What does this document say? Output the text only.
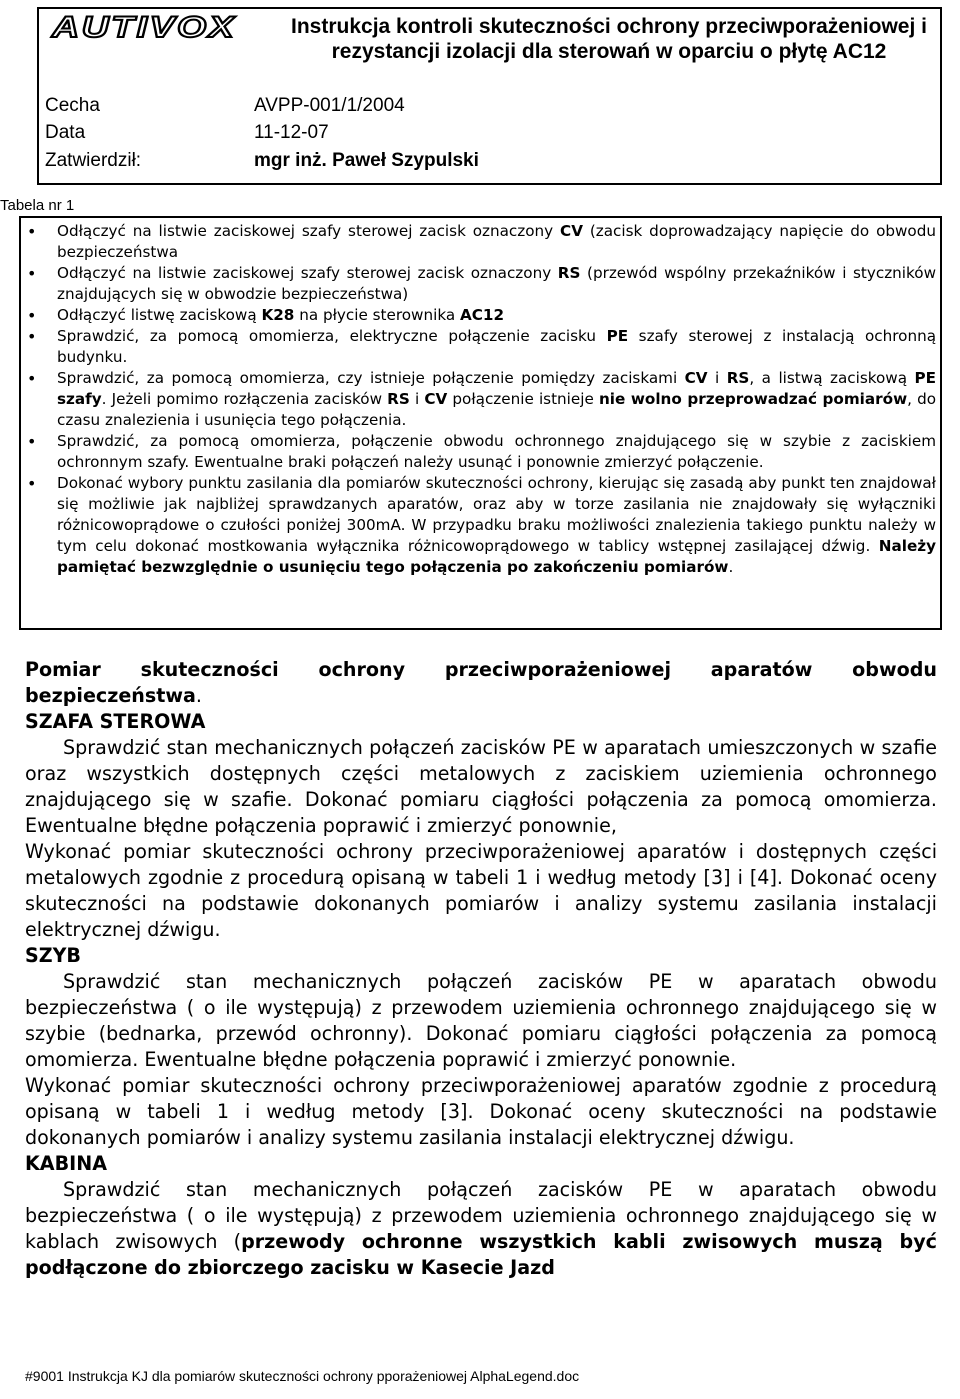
AUTIVOX	Instrukcja kontroli skuteczności ochrony przeciwporażeniowej i rezystancji izolacji dla sterowań w oparciu o płytę AC12
Cecha	AVPP-001/1/2004
Data	11-12-07
Zatwierdził:	mgr inż. Paweł Szypulski
Tabela nr 1
• Odłączyć na listwie zaciskowej szafy sterowej zacisk oznaczony CV (zacisk doprowadzający napięcie do obwodu bezpieczeństwa
• Odłączyć na listwie zaciskowej szafy sterowej zacisk oznaczony RS (przewód wspólny przekaźników i styczników znajdujących się w obwodzie bezpieczeństwa)
• Odłączyć listwę zaciskową K28 na płycie sterownika AC12
• Sprawdzić, za pomocą omomierza, elektryczne połączenie zacisku PE szafy sterowej z instalacją ochronną budynku.
• Sprawdzić, za pomocą omomierza, czy istnieje połączenie pomiędzy zaciskami CV i RS, a listwą zaciskową PE szafy. Jeżeli pomimo rozłączenia zacisków RS i CV połączenie istnieje nie wolno przeprowadzać pomiarów, do czasu znalezienia i usunięcia tego połączenia.
• Sprawdzić, za pomocą omomierza, połączenie obwodu ochronnego znajdującego się w szybie z zaciskiem ochronnym szafy. Ewentualne braki połączeń należy usunąć i ponownie zmierzyć połączenie.
• Dokonać wybory punktu zasilania dla pomiarów skuteczności ochrony, kierując się zasadą aby punkt ten znajdował się możliwie jak najbliżej sprawdzanych aparatów, oraz aby w torze zasilania nie znajdowały się wyłączniki różnicowoprądowe o czułości poniżej 300mA. W przypadku braku możliwości znalezienia takiego punktu należy w tym celu dokonać mostkowania wyłącznika różnicowoprądowego w tablicy wstępnej zasilającej dźwig. Należy pamiętać bezwzględnie o usunięciu tego połączenia po zakończeniu pomiarów.

Pomiar skuteczności ochrony przeciwporażeniowej aparatów obwodu bezpieczeństwa.

SZAFA STEROWA

Sprawdzić stan mechanicznych połączeń zacisków PE w aparatach umieszczonych w szafie oraz wszystkich dostępnych części metalowych z zaciskiem uziemienia ochronnego znajdującego się w szafie. Dokonać pomiaru ciągłości połączenia za pomocą omomierza. Ewentualne błędne połączenia poprawić i zmierzyć ponownie,

Wykonać pomiar skuteczności ochrony przeciwporażeniowej aparatów i dostępnych części metalowych zgodnie z procedurą opisaną w tabeli 1 i według metody [3] i [4]. Dokonać oceny skuteczności na podstawie dokonanych pomiarów i analizy systemu zasilania instalacji elektrycznej dźwigu.

SZYB

Sprawdzić stan mechanicznych połączeń zacisków PE w aparatach obwodu bezpieczeństwa ( o ile występują) z przewodem uziemienia ochronnego znajdującego się w szybie (bednarka, przewód ochronny). Dokonać pomiaru ciągłości połączenia za pomocą omomierza. Ewentualne błędne połączenia poprawić i zmierzyć ponownie.

Wykonać pomiar skuteczności ochrony przeciwporażeniowej aparatów zgodnie z procedurą opisaną w tabeli 1 i według metody [3]. Dokonać oceny skuteczności na podstawie dokonanych pomiarów i analizy systemu zasilania instalacji elektrycznej dźwigu.

KABINA

Sprawdzić stan mechanicznych połączeń zacisków PE w aparatach obwodu bezpieczeństwa ( o ile występują) z przewodem uziemienia ochronnego znajdującego się w kablach zwisowych (przewody ochronne wszystkich kabli zwisowych muszą być podłączone do zbiorczego zacisku w Kasecie Jazd

#9001 Instrukcja KJ dla pomiarów skuteczności ochrony pporażeniowej AlphaLegend.doc
